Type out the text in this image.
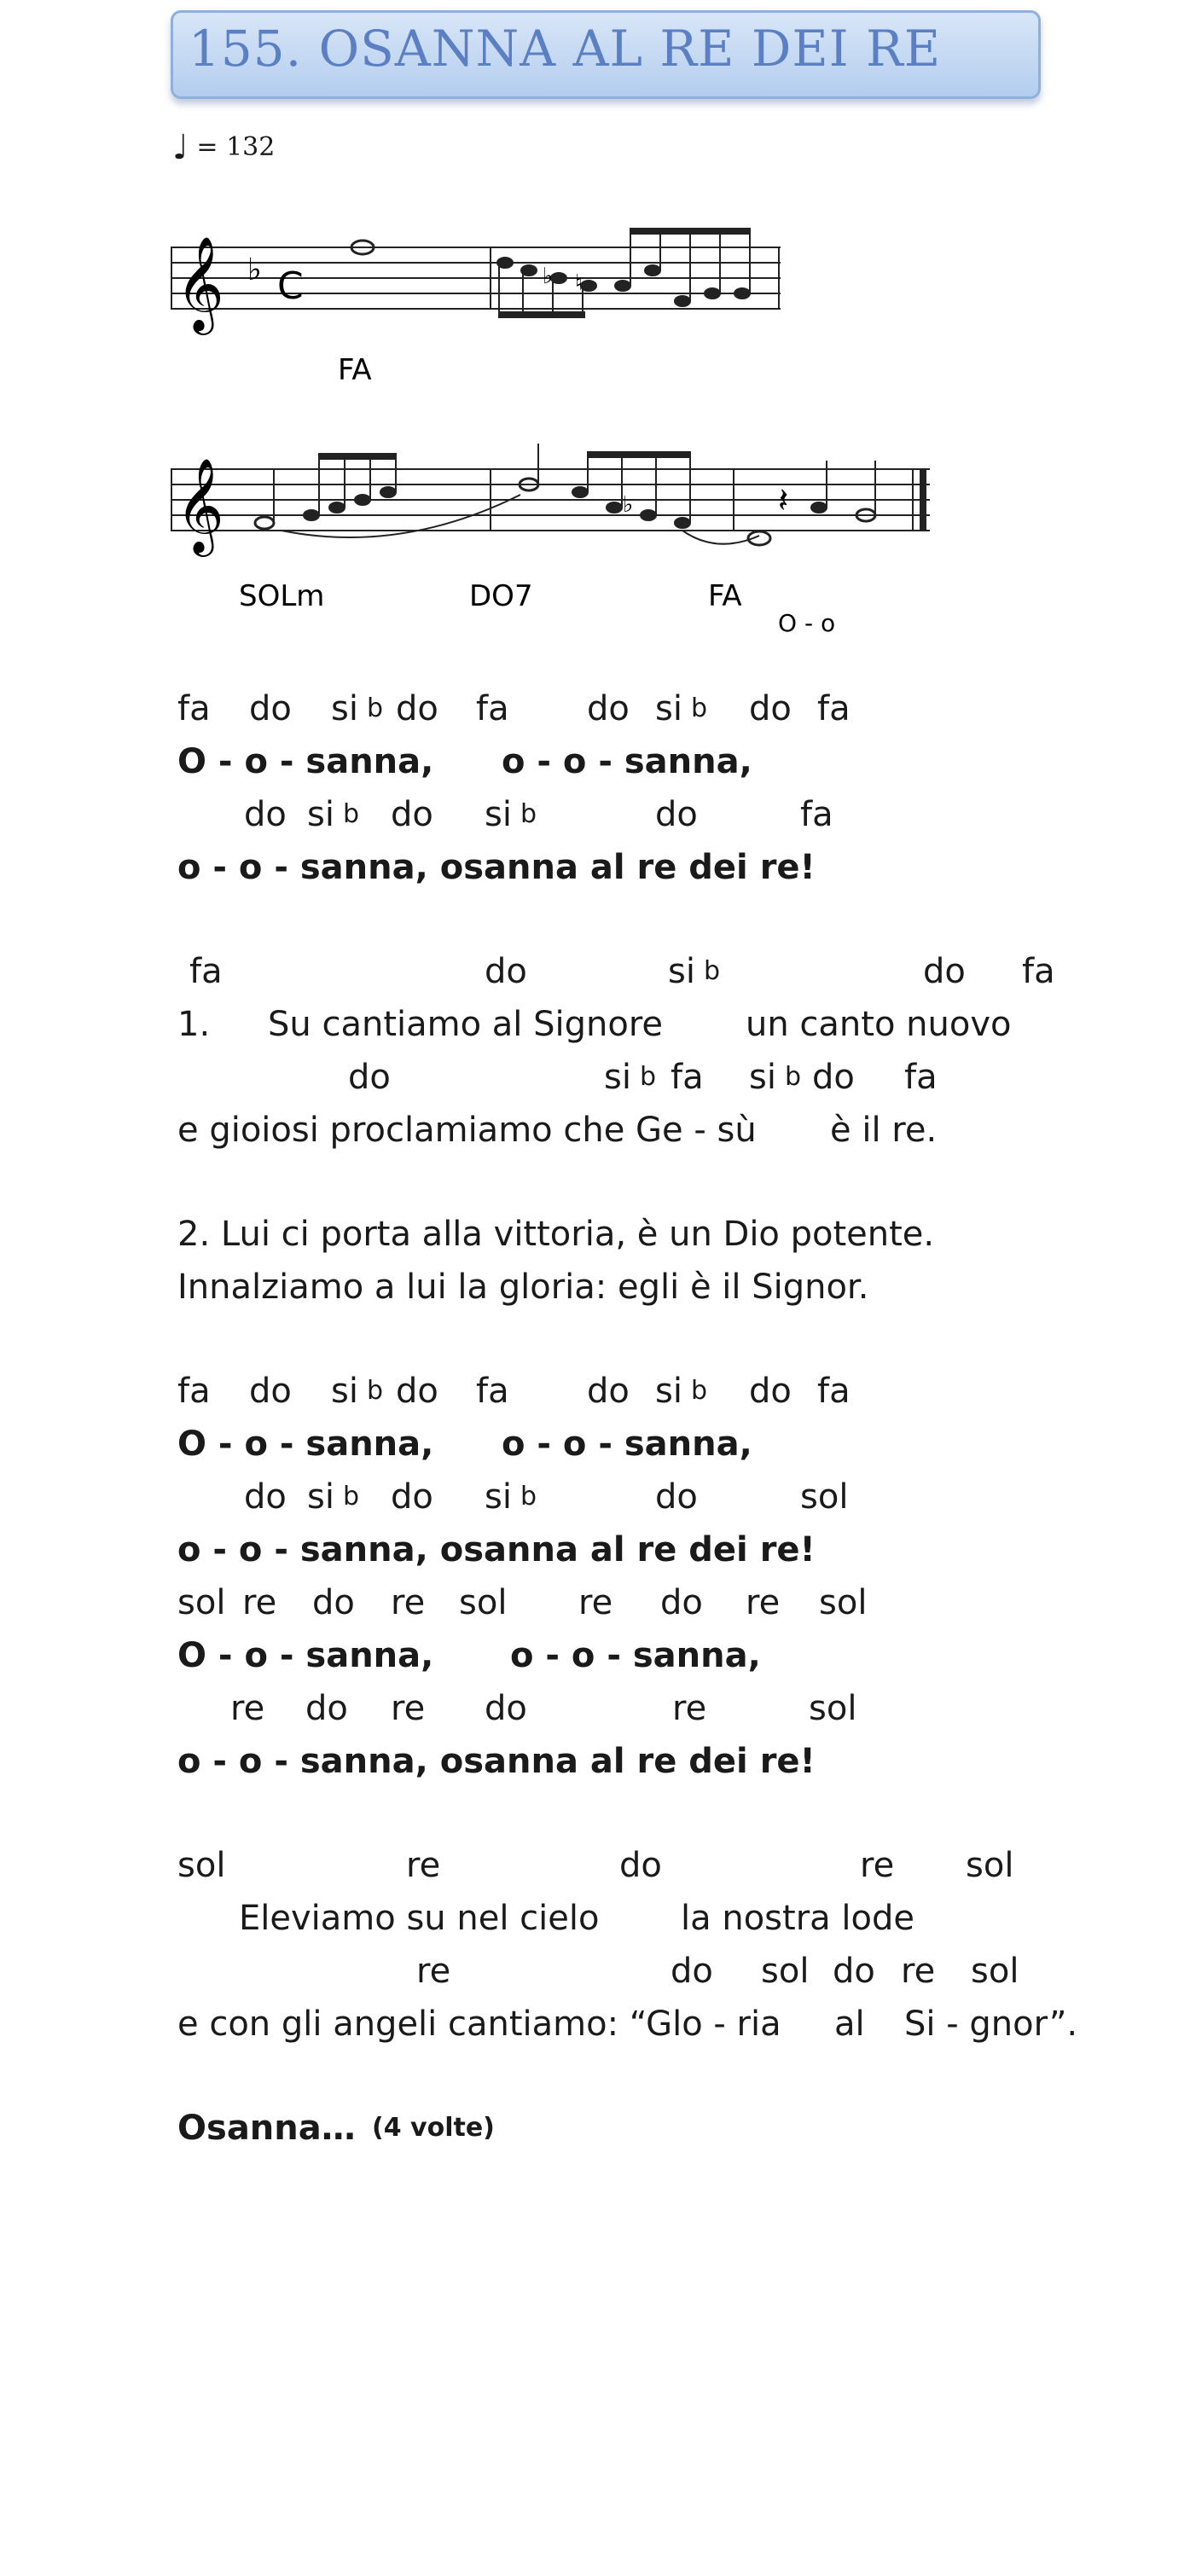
155. OSANNA AL RE DEI RE
♩ = 132
𝄞 ♭ C	♭ ♮
FA
𝄞	𝄽
♭
SOLm	DO7	FA
O - o
fa do si b do fa do si b do fa
O - o - sanna, o - o - sanna,
do si b do si b	do	fa
o - o - sanna, osanna al re dei re!
fa	do	si b	do fa
1. Su cantiamo al Signore un canto nuovo
do	si b fa si b do fa
e gioiosi proclamiamo che Ge - sù è il re.
2. Lui ci porta alla vittoria, è un Dio potente.
Innalziamo a lui la gloria: egli è il Signor.
fa do si b do fa do si b do fa
O - o - sanna, o - o - sanna,
do si b do si b	do	sol
o - o - sanna, osanna al re dei re!
sol re do re sol re do re sol
O - o - sanna, o - o - sanna,
re do re do	re	sol
o - o - sanna, osanna al re dei re!
sol	re	do	re sol
Eleviamo su nel cielo la nostra lode
re	do sol do re sol
e con gli angeli cantiamo: “Glo - ria al Si - gnor”.
Osanna… (4 volte)
